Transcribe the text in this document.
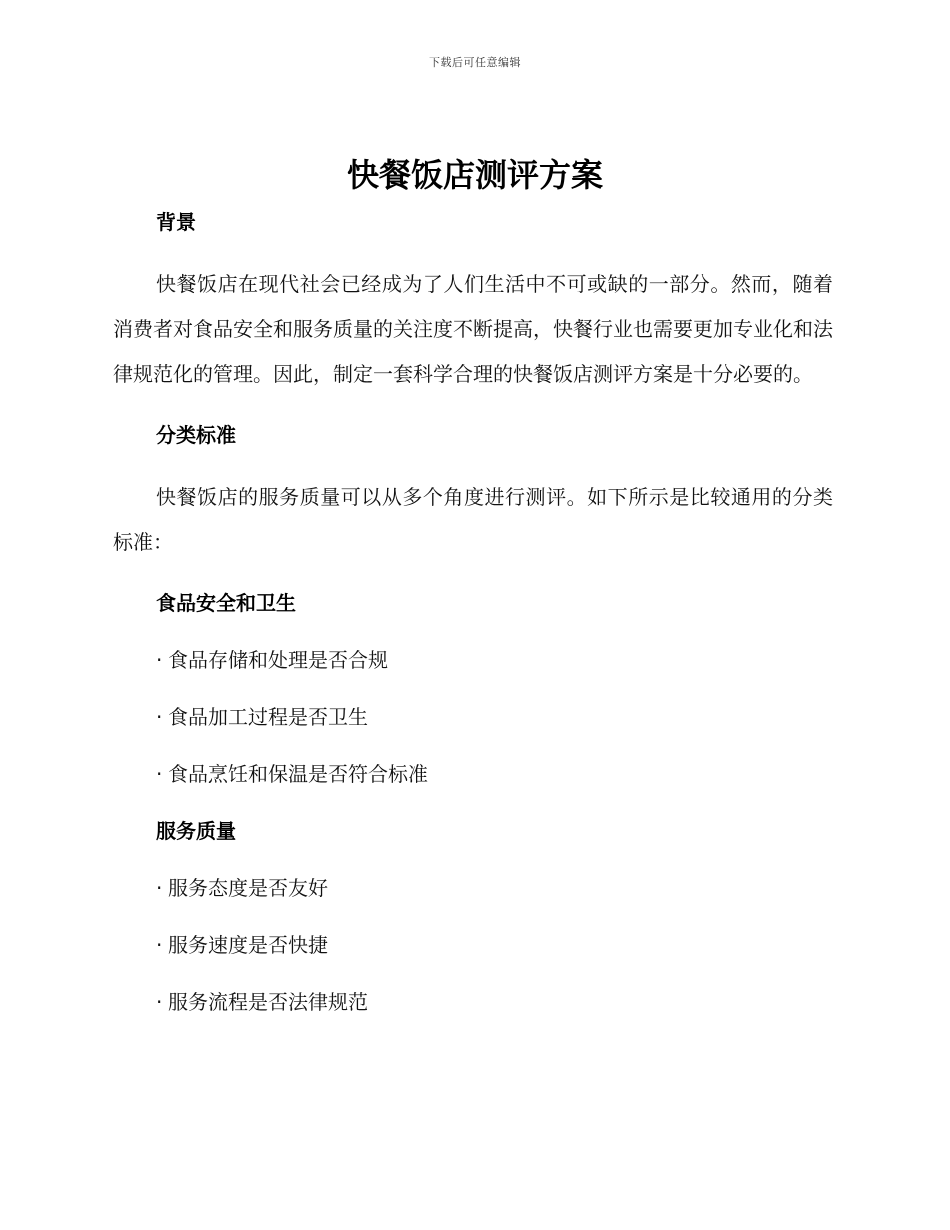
下载后可任意编辑
快餐饭店测评方案
背景

快餐饭店在现代社会已经成为了人们生活中不可或缺的一部分。然而，随着消费者对食品安全和服务质量的关注度不断提高，快餐行业也需要更加专业化和法律规范化的管理。因此，制定一套科学合理的快餐饭店测评方案是十分必要的。

分类标准

快餐饭店的服务质量可以从多个角度进行测评。如下所示是比较通用的分类标准：

食品安全和卫生
· 食品存储和处理是否合规
· 食品加工过程是否卫生
· 食品烹饪和保温是否符合标准
服务质量
· 服务态度是否友好
· 服务速度是否快捷
· 服务流程是否法律规范
